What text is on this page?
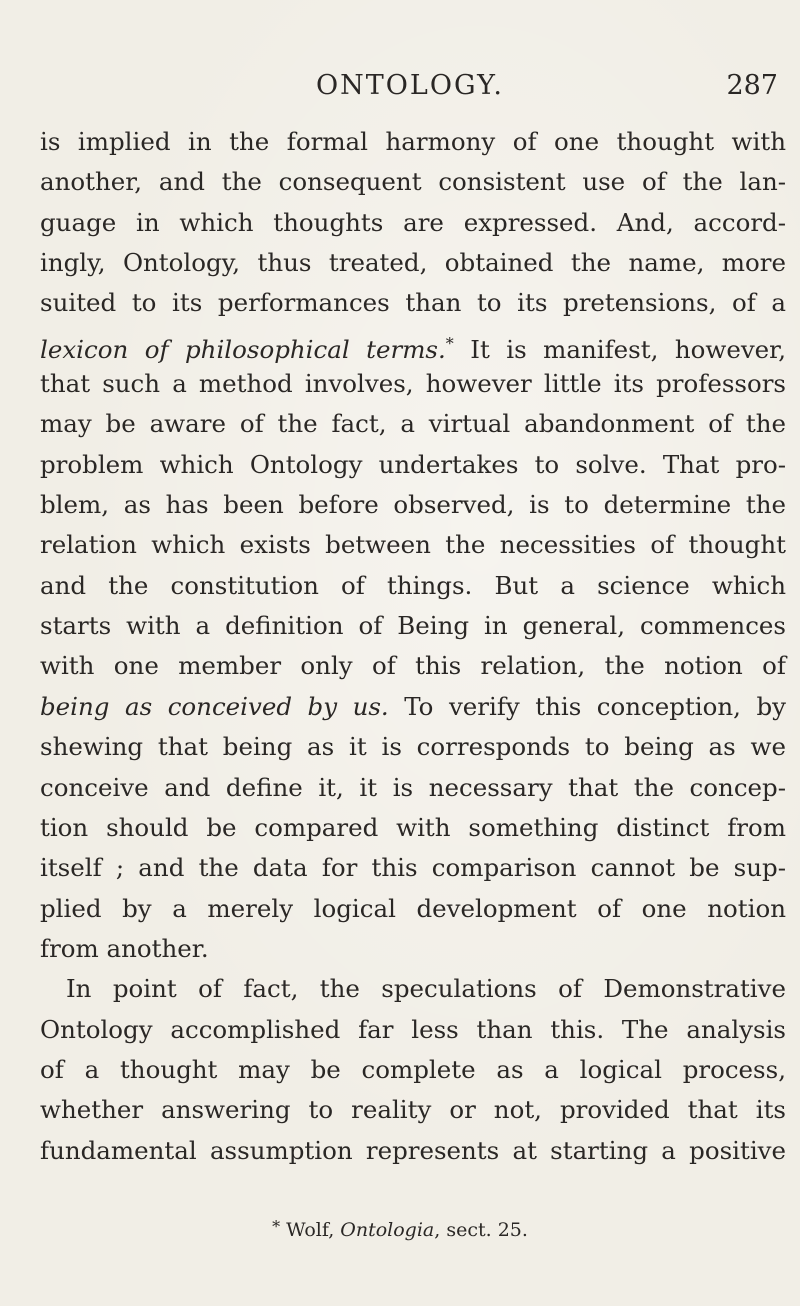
ONTOLOGY.	287
is implied in the formal harmony of one thought with
another, and the consequent consistent use of the lan-
guage in which thoughts are expressed. And, accord-
ingly, Ontology, thus treated, obtained the name, more
suited to its performances than to its pretensions, of a
lexicon of philosophical terms.* It is manifest, however,
that such a method involves, however little its professors
may be aware of the fact, a virtual abandonment of the
problem which Ontology undertakes to solve. That pro-
blem, as has been before observed, is to determine the
relation which exists between the necessities of thought
and the constitution of things. But a science which
starts with a definition of Being in general, commences
with one member only of this relation, the notion of
being as conceived by us. To verify this conception, by
shewing that being as it is corresponds to being as we
conceive and define it, it is necessary that the concep-
tion should be compared with something distinct from
itself ; and the data for this comparison cannot be sup-
plied by a merely logical development of one notion
from another.
In point of fact, the speculations of Demonstrative
Ontology accomplished far less than this. The analysis
of a thought may be complete as a logical process,
whether answering to reality or not, provided that its
fundamental assumption represents at starting a positive
* Wolf, Ontologia, sect. 25.
